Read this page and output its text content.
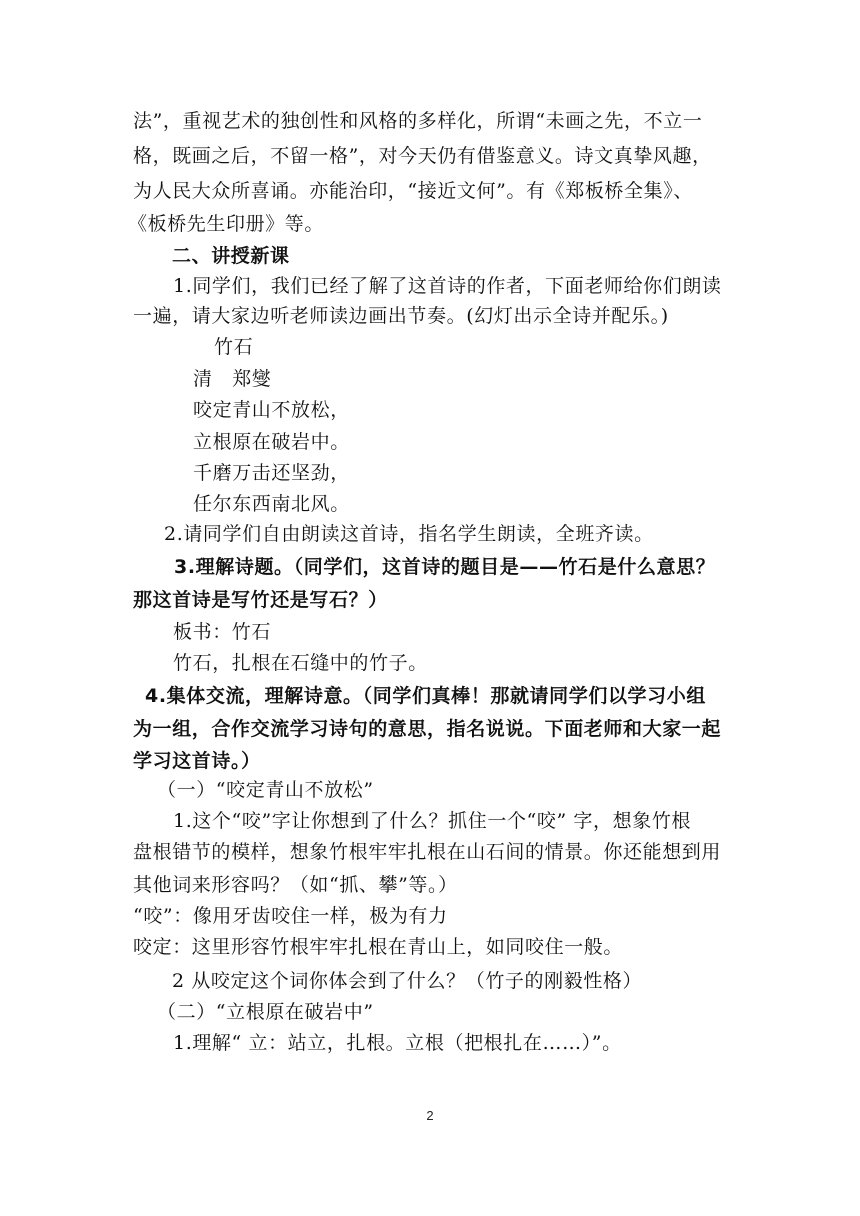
法”，重视艺术的独创性和风格的多样化，所谓“未画之先，不立一
格，既画之后，不留一格”，对今天仍有借鉴意义。诗文真挚风趣，
为人民大众所喜诵。亦能治印，“接近文何”。有《郑板桥全集》、
《板桥先生印册》等。
二、讲授新课
1.同学们，我们已经了解了这首诗的作者，下面老师给你们朗读
一遍，请大家边听老师读边画出节奏。(幻灯出示全诗并配乐。)
竹石
清　郑燮
咬定青山不放松，
立根原在破岩中。
千磨万击还坚劲，
任尔东西南北风。
2.请同学们自由朗读这首诗，指名学生朗读，全班齐读。
3.理解诗题。（同学们，这首诗的题目是——竹石是什么意思？
那这首诗是写竹还是写石？）
板书：竹石
竹石，扎根在石缝中的竹子。
4.集体交流，理解诗意。（同学们真棒！那就请同学们以学习小组
为一组，合作交流学习诗句的意思，指名说说。下面老师和大家一起
学习这首诗。）
（一）“咬定青山不放松”
1.这个“咬”字让你想到了什么？抓住一个“咬” 字，想象竹根
盘根错节的模样，想象竹根牢牢扎根在山石间的情景。你还能想到用
其他词来形容吗？（如“抓、攀”等。）
“咬”：像用牙齿咬住一样，极为有力
咬定：这里形容竹根牢牢扎根在青山上，如同咬住一般。
2 从咬定这个词你体会到了什么？（竹子的刚毅性格）
（二）“立根原在破岩中”
1.理解“ 立：站立，扎根。立根（把根扎在……）”。
2
